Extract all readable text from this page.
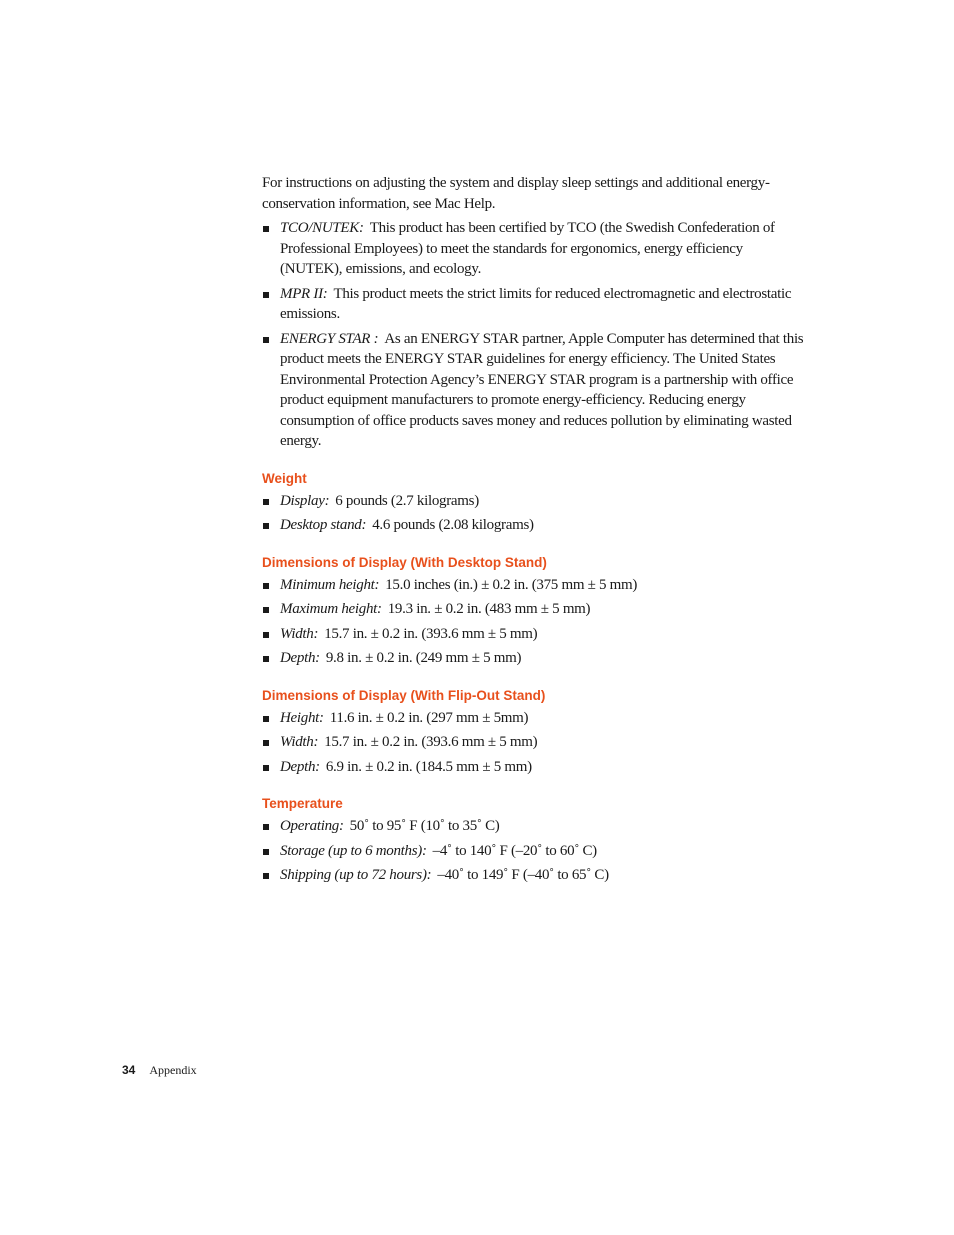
For instructions on adjusting the system and display sleep settings and additional energy-conservation information, see Mac Help.

TCO/NUTEK: This product has been certified by TCO (the Swedish Confederation of Professional Employees) to meet the standards for ergonomics, energy efficiency (NUTEK), emissions, and ecology.
MPR II: This product meets the strict limits for reduced electromagnetic and electrostatic emissions.
ENERGY STAR : As an ENERGY STAR partner, Apple Computer has determined that this product meets the ENERGY STAR guidelines for energy efficiency. The United States Environmental Protection Agency’s ENERGY STAR program is a partnership with office product equipment manufacturers to promote energy-efficiency. Reducing energy consumption of office products saves money and reduces pollution by eliminating wasted energy.
Weight
Display: 6 pounds (2.7 kilograms)
Desktop stand: 4.6 pounds (2.08 kilograms)
Dimensions of Display (With Desktop Stand)
Minimum height: 15.0 inches (in.) ± 0.2 in. (375 mm ± 5 mm)
Maximum height: 19.3 in. ± 0.2 in. (483 mm ± 5 mm)
Width: 15.7 in. ± 0.2 in. (393.6 mm ± 5 mm)
Depth: 9.8 in. ± 0.2 in. (249 mm ± 5 mm)
Dimensions of Display (With Flip-Out Stand)
Height: 11.6 in. ± 0.2 in. (297 mm ± 5mm)
Width: 15.7 in. ± 0.2 in. (393.6 mm ± 5 mm)
Depth: 6.9 in. ± 0.2 in. (184.5 mm ± 5 mm)
Temperature
Operating: 50˚ to 95˚ F (10˚ to 35˚ C)
Storage (up to 6 months): –4˚ to 140˚ F (–20˚ to 60˚ C)
Shipping (up to 72 hours): –40˚ to 149˚ F (–40˚ to 65˚ C)
34 Appendix
